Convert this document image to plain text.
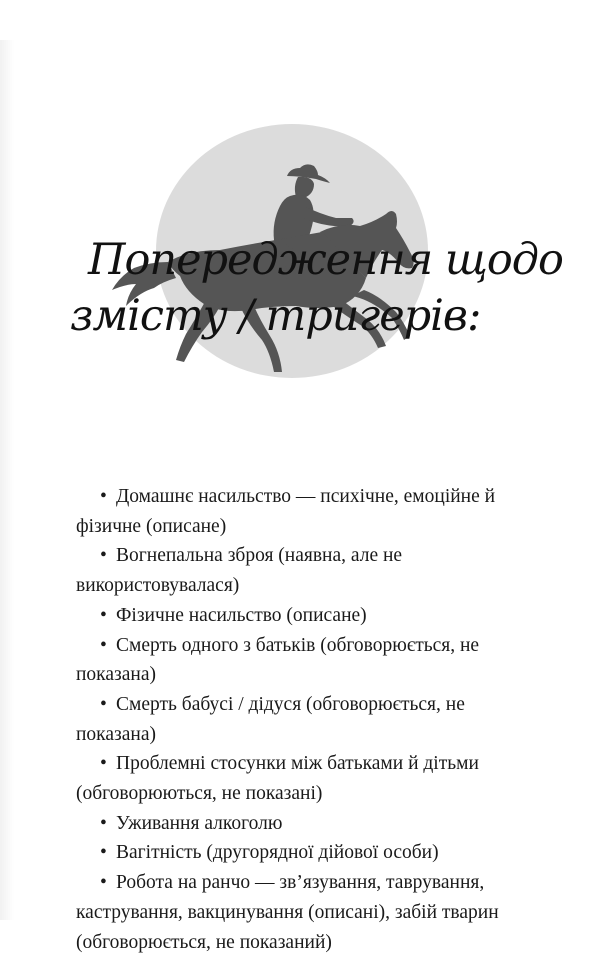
Попередження щодо
змісту / тригерів:
• Домашнє насильство — психічне, емоційне й фізичне (описане)
• Вогнепальна зброя (наявна, але не використовувалася)
• Фізичне насильство (описане)
• Смерть одного з батьків (обговорюється, не показана)
• Смерть бабусі / дідуся (обговорюється, не показана)
• Проблемні стосунки між батьками й дітьми (обговорюються, не показані)
• Уживання алкоголю
• Вагітність (другорядної дійової особи)
• Робота на ранчо — зв’язування, таврування, кастрування, вакцинування (описані), забій тварин (обговорюється, не показаний)
